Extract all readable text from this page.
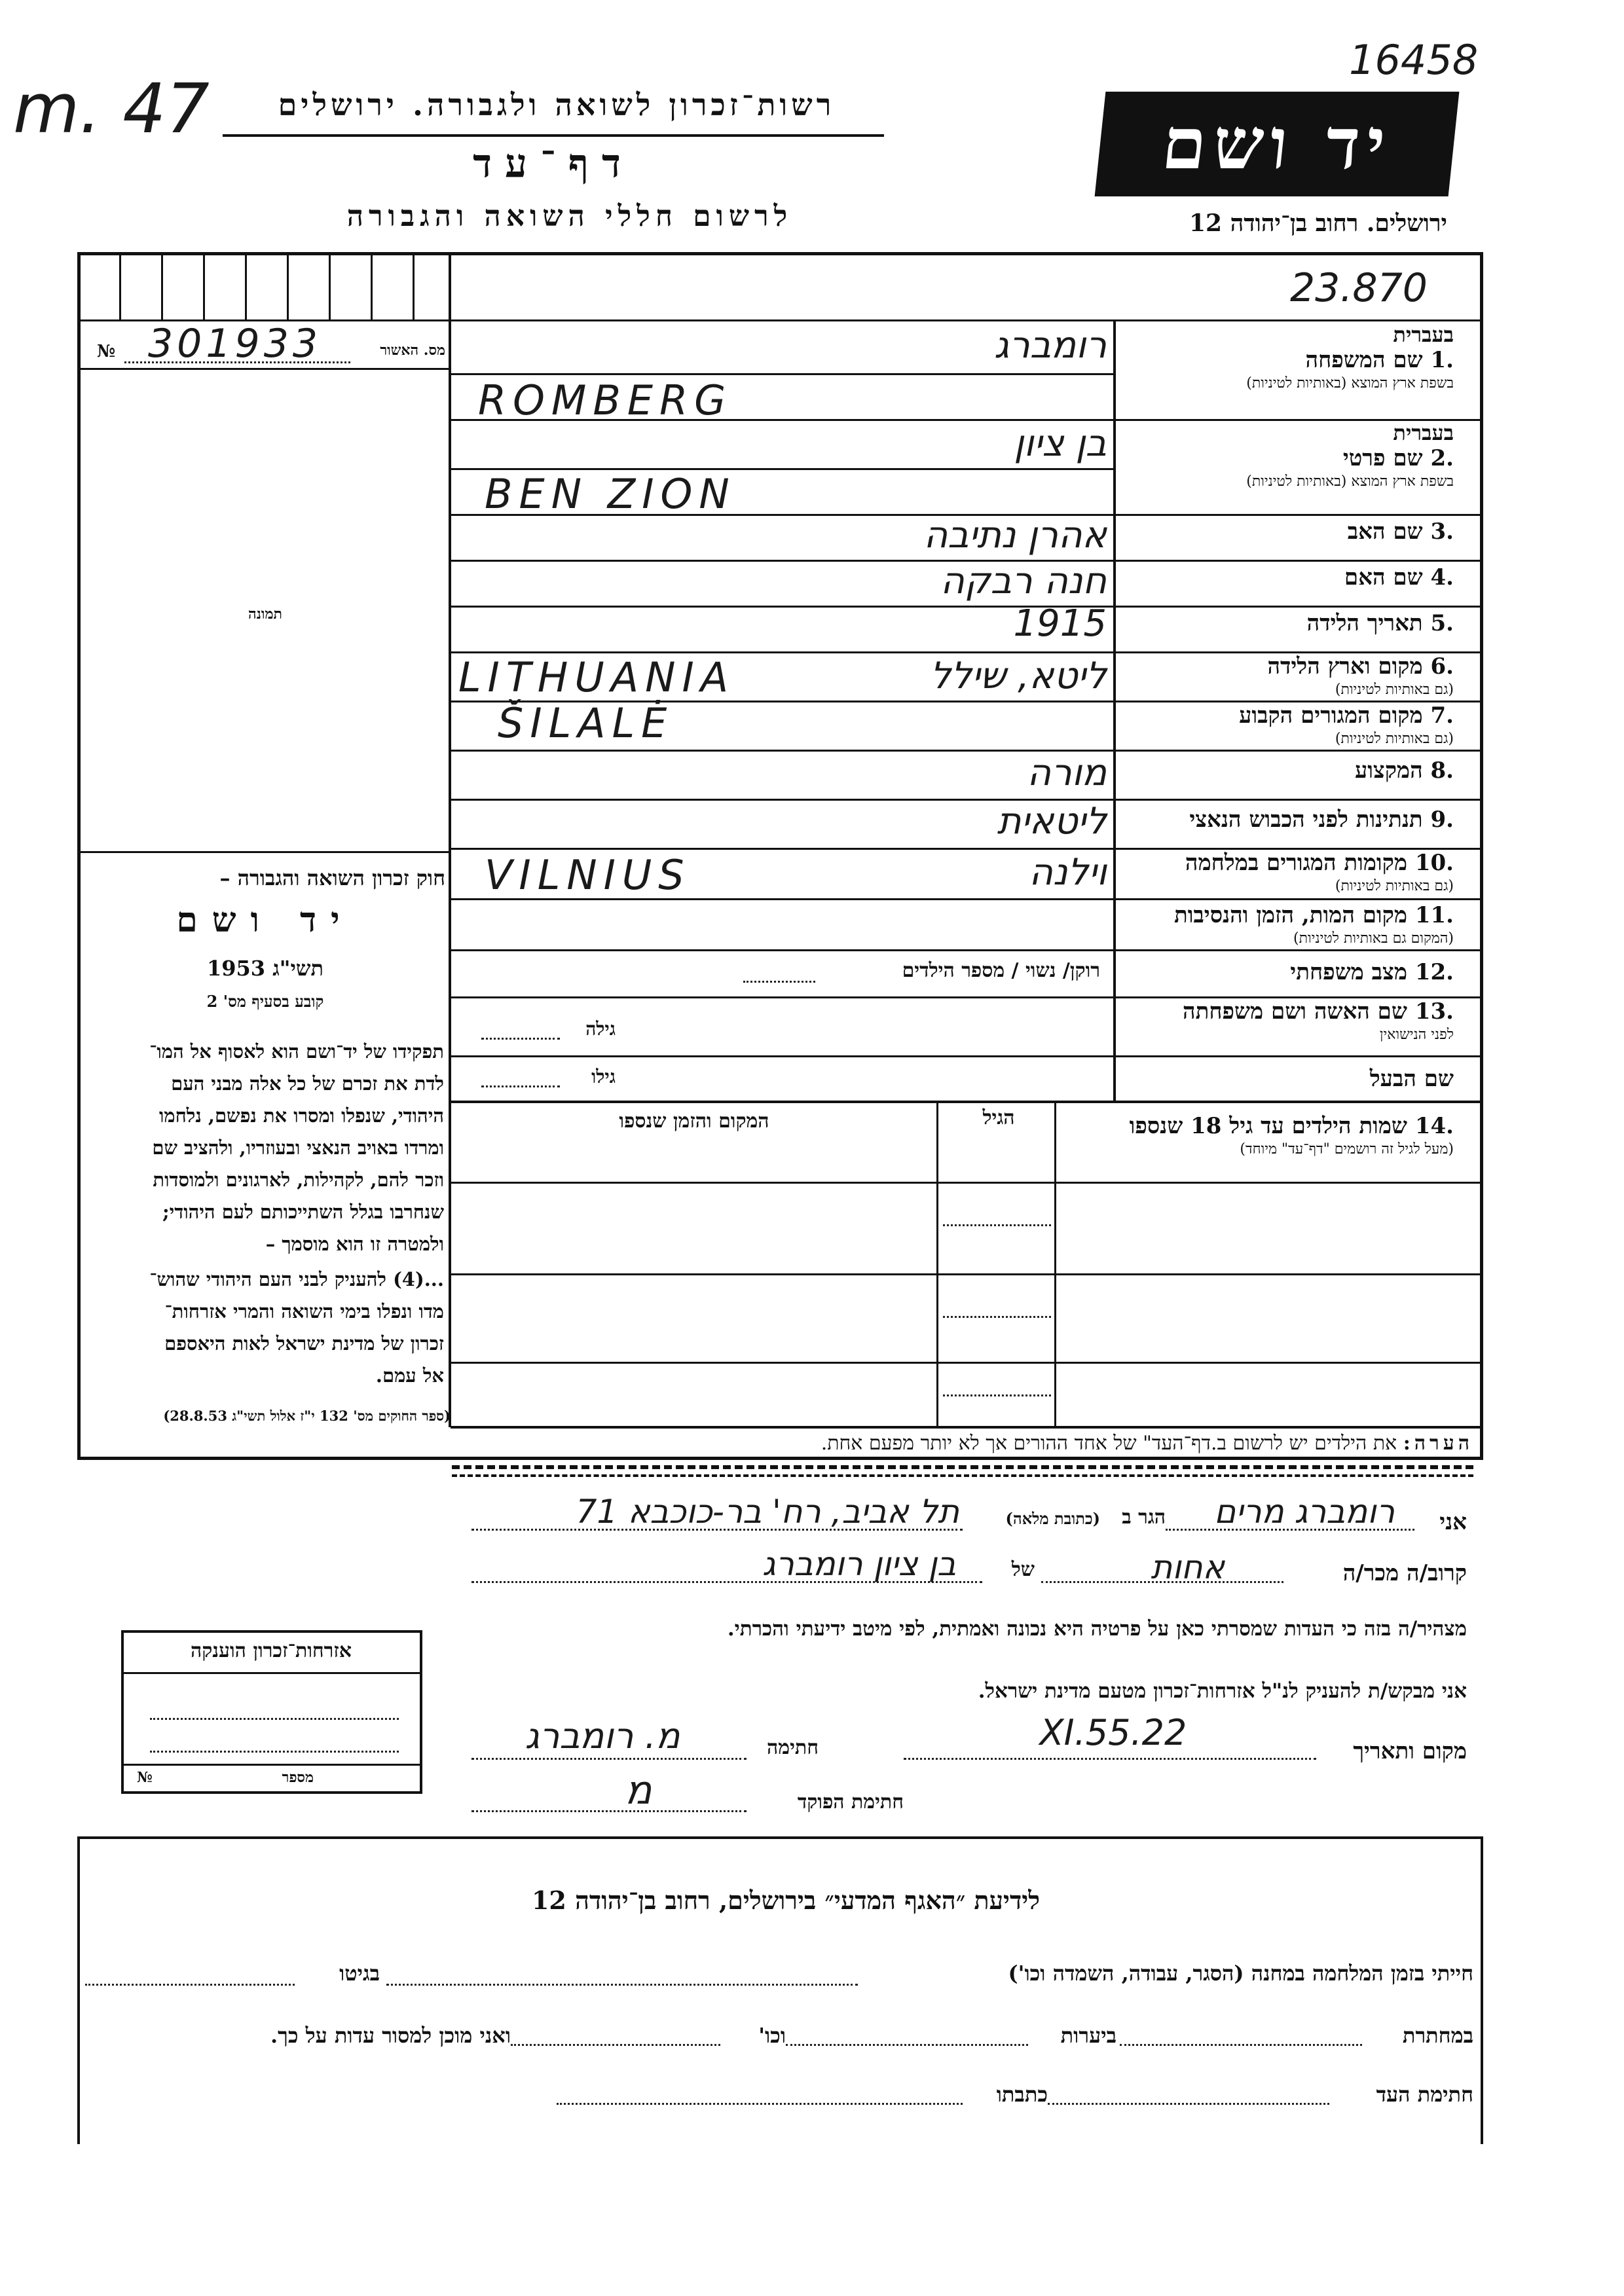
m. 47	רשות־זכרון לשואה ולגבורה. ירושלים
דף־עד
לרשום חללי השואה והגבורה
16458
יד ושם
ירושלים. רחוב בן־יהודה 12
23.870
№ 301933	מס. האשור
תמונה
חוק זכרון השואה והגבורה –
יד ושם
תשי"ג 1953
קובע בסעיף מס' 2
תפקידו של יד־ושם הוא לאסוף אל המו־
לדת את זכרם של כל אלה מבני העם
היהודי, שנפלו ומסרו את נפשם, נלחמו
ומרדו באויב הנאצי ובעוזריו, ולהציב שם
וזכר להם, לקהילות, לארגונים ולמוסדות
שנחרבו בגלל השתייכותם לעם היהודי;
ולמטרה זו הוא מוסמך –
...(4) להעניק לבני העם היהודי שהוש־
מדו ונפלו בימי השואה והמרי אזרחות־
זכרון של מדינת ישראל לאות היאספם
אל עמם.
(ספר החוקים מס' 132 י"ז אלול תשי"ג 28.8.53)
בעברית
.1 שם המשפחה
בשפת ארץ המוצא (באותיות לטיניות)
רומברג
ROMBERG
בעברית
.2 שם פרטי
בשפת ארץ המוצא (באותיות לטיניות)
בן ציון
BEN ZION
.3 שם האב
אהרן נתיבה
.4 שם האם
חנה רבקה
.5 תאריך הלידה
1915
.6 מקום וארץ הלידה
(גם באותיות לטיניות)
ליטא, שילל
LITHUANIA
.7 מקום המגורים הקבוע
(גם באותיות לטיניות)
ŠILALĖ
.8 המקצוע
מורה
.9 תנתינות לפני הכבוש הנאצי
ליטאית
.10 מקומות המגורים במלחמה
(גם באותיות לטיניות)
וילנה
VILNIUS
.11 מקום המות, הזמן והנסיבות
(המקום גם באותיות לטיניות)
.12 מצב משפחתי
רוקן/ נשוי / מספר הילדים
.13 שם האשה ושם משפחתה
לפני הנישואין
גילה
שם הבעל
גילו
.14 שמות הילדים עד גיל 18 שנספו
(מעל לגיל זה רושמים "דף־עד" מיוחד)
הגיל
המקום והזמן שנספו
הערה: את הילדים יש לרשום ב.דף־העד" של אחד ההורים אך לא יותר מפעם אחת.
אני
רומברג מרים
הגר ב
(כתובת מלאה)
תל אביב, רח' בר-כוכבא 71
קרוב/ה מכר/ה
אחות
של
בן ציון רומברג
מצהיר/ה בזה כי העדות שמסרתי כאן על פרטיה היא נכונה ואמתית, לפי מיטב ידיעתי והכרתי.
אני מבקש/ת להעניק לנ"ל אזרחות־זכרון מטעם מדינת ישראל.
מקום ותאריך
22.XI.55
חתימה
מ. רומברג
חתימת הפוקד
מ
אזרחות־זכרון הוענקה
מספר
№
לידיעת ״האגף המדעי״ בירושלים, רחוב בן־יהודה 12
חייתי בזמן המלחמה במחנה (הסגר, עבודה, השמדה וכו')
בגיטו
במחתרת
ביערות
וכו'
ואני מוכן למסור עדות על כך.
חתימת העד
כתבתו
